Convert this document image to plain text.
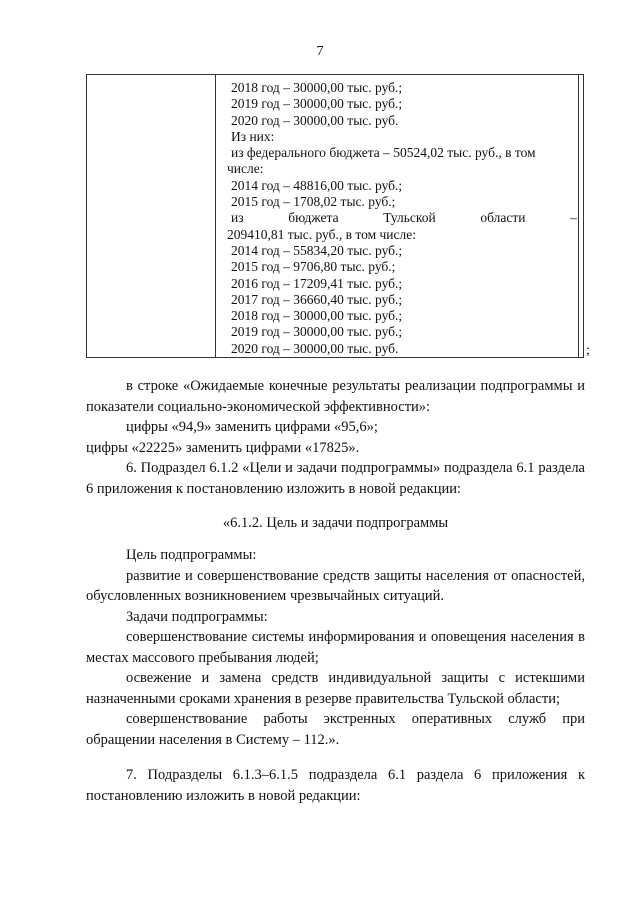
7
2018 год – 30000,00 тыс. руб.;
2019 год – 30000,00 тыс. руб.;
2020 год – 30000,00 тыс. руб.
Из них:
из федерального бюджета – 50524,02 тыс. руб., в том
числе:
2014 год – 48816,00 тыс. руб.;
2015 год – 1708,02 тыс. руб.;
из	бюджета	Тульской	области	–
209410,81 тыс. руб., в том числе:
2014 год – 55834,20 тыс. руб.;
2015 год – 9706,80 тыс. руб.;
2016 год – 17209,41 тыс. руб.;
2017 год – 36660,40 тыс. руб.;
2018 год – 30000,00 тыс. руб.;
2019 год – 30000,00 тыс. руб.;
2020 год – 30000,00 тыс. руб.	;

в строке «Ожидаемые конечные результаты реализации подпрограммы и показатели социально-экономической эффективности»:

цифры «94,9» заменить цифрами «95,6»;

цифры «22225» заменить цифрами «17825».

6. Подраздел 6.1.2 «Цели и задачи подпрограммы» подраздела 6.1 раздела 6 приложения к постановлению изложить в новой редакции:

«6.1.2. Цель и задачи подпрограммы

Цель подпрограммы:

развитие и совершенствование средств защиты населения от опасностей, обусловленных возникновением чрезвычайных ситуаций.

Задачи подпрограммы:

совершенствование системы информирования и оповещения населения в местах массового пребывания людей;

освежение и замена средств индивидуальной защиты с истекшими назначенными сроками хранения в резерве правительства Тульской области;

совершенствование работы экстренных оперативных служб при обращении населения в Систему – 112.».

7. Подразделы 6.1.3–6.1.5 подраздела 6.1 раздела 6 приложения к постановлению изложить в новой редакции:
